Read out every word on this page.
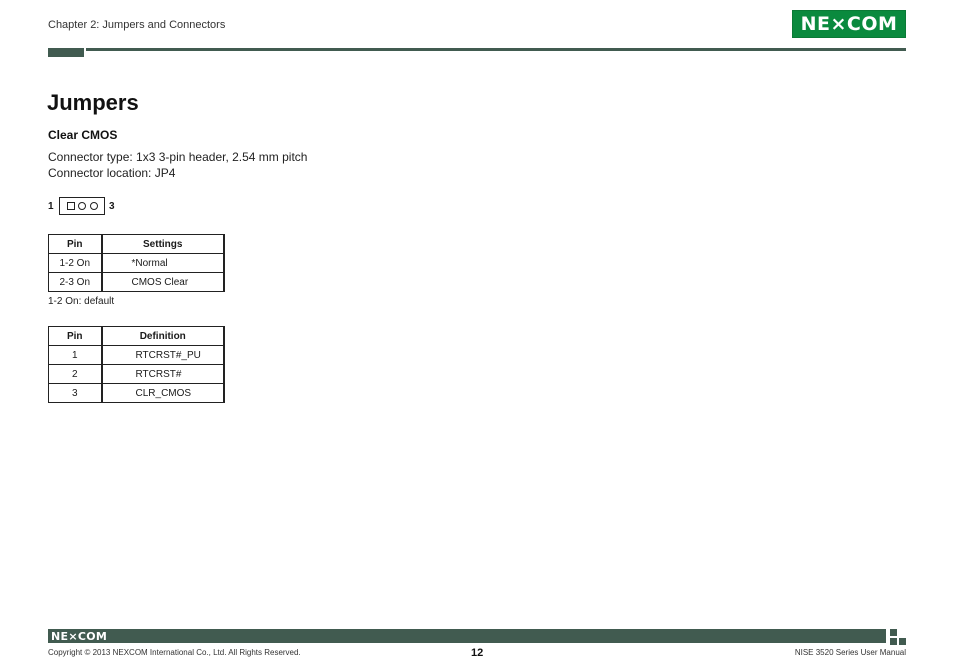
Chapter 2: Jumpers and Connectors	NE×COM
Jumpers
Clear CMOS
Connector type: 1x3 3-pin header, 2.54 mm pitch
Connector location: JP4
1	3
Pin	Settings
1-2 On	*Normal
2-3 On	CMOS Clear
1-2 On: default
Pin	Definition
1	RTCRST#_PU
2	RTCRST#
3	CLR_CMOS
NE×COM
Copyright © 2013 NEXCOM International Co., Ltd. All Rights Reserved.	12	NISE 3520 Series User Manual
